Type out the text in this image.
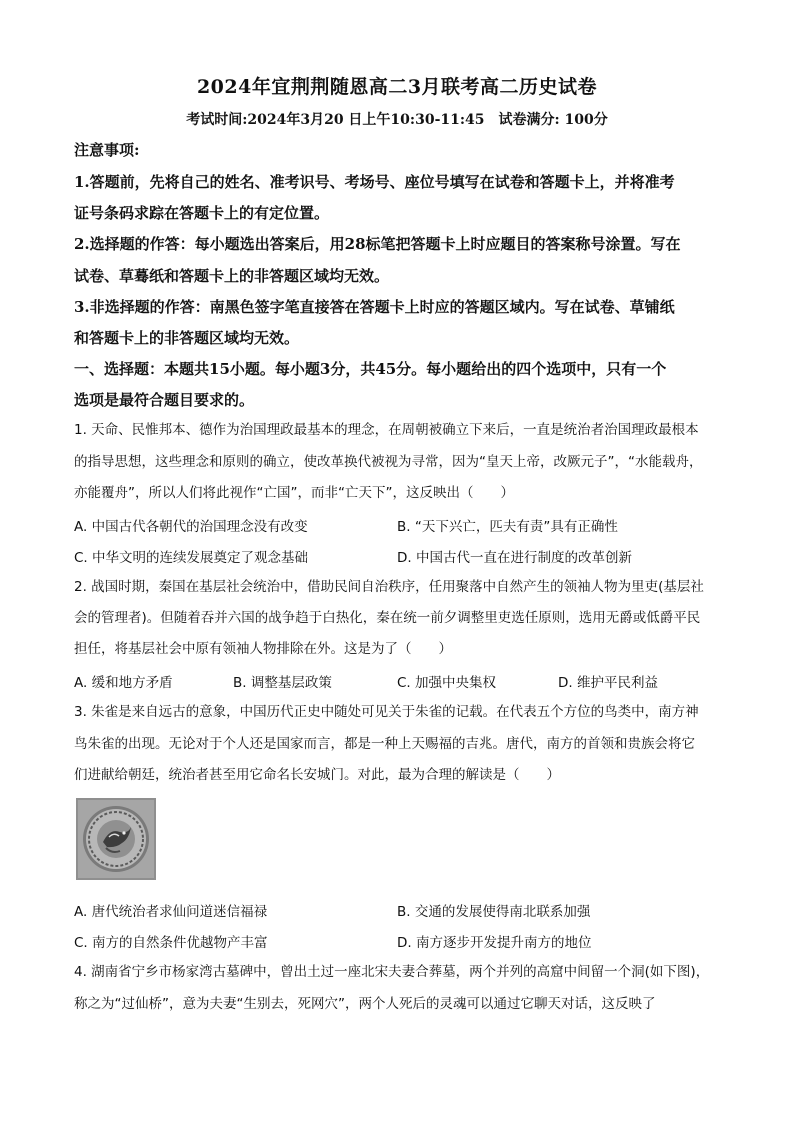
2024年宜荆荆随恩高二3月联考高二历史试卷
考试时间:2024年3月20 日上午10:30-11:45　试卷满分: 100分
注意事项:
1.答题前，先将自己的姓名、准考识号、考场号、座位号填写在试卷和答题卡上，并将准考
证号条码求踪在答题卡上的有定位置。
2.选择题的作答：每小题选出答案后，用28标笔把答题卡上时应题目的答案称号涂置。写在
试卷、草蓦纸和答题卡上的非答题区域均无效。
3.非选择题的作答：南黑色签字笔直接答在答题卡上时应的答题区域内。写在试卷、草铺纸
和答题卡上的非答题区域均无效。
一、选择题：本题共15小题。每小题3分，共45分。每小题给出的四个选项中，只有一个
选项是最符合题目要求的。
1. 天命、民惟邦本、德作为治国理政最基本的理念，在周朝被确立下来后，一直是统治者治国理政最根本
的指导思想，这些理念和原则的确立，使改革换代被视为寻常，因为“皇天上帝，改厥元子”，“水能载舟，
亦能覆舟”，所以人们将此视作“亡国”，而非“亡天下”，这反映出（　　）
A. 中国古代各朝代的治国理念没有改变	B. “天下兴亡，匹夫有责”具有正确性
C. 中华文明的连续发展奠定了观念基础	D. 中国古代一直在进行制度的改革创新
2. 战国时期，秦国在基层社会统治中，借助民间自治秩序，任用聚落中自然产生的领袖人物为里吏(基层社
会的管理者)。但随着吞并六国的战争趋于白热化，秦在统一前夕调整里吏选任原则，选用无爵或低爵平民
担任，将基层社会中原有领袖人物排除在外。这是为了（　　）
A. 缓和地方矛盾	B. 调整基层政策	C. 加强中央集权	D. 维护平民利益
3. 朱雀是来自远古的意象，中国历代正史中随处可见关于朱雀的记载。在代表五个方位的鸟类中，南方神
鸟朱雀的出现。无论对于个人还是国家而言，都是一种上天赐福的吉兆。唐代，南方的首领和贵族会将它
们进献给朝廷，统治者甚至用它命名长安城门。对此，最为合理的解读是（　　）
A. 唐代统治者求仙问道迷信福禄	B. 交通的发展使得南北联系加强
C. 南方的自然条件优越物产丰富	D. 南方逐步开发提升南方的地位
4. 湖南省宁乡市杨家湾古墓碑中，曾出土过一座北宋夫妻合葬墓，两个并列的高窟中间留一个洞(如下图)，
称之为“过仙桥”，意为夫妻“生别去，死网穴”，两个人死后的灵魂可以通过它聊天对话，这反映了
